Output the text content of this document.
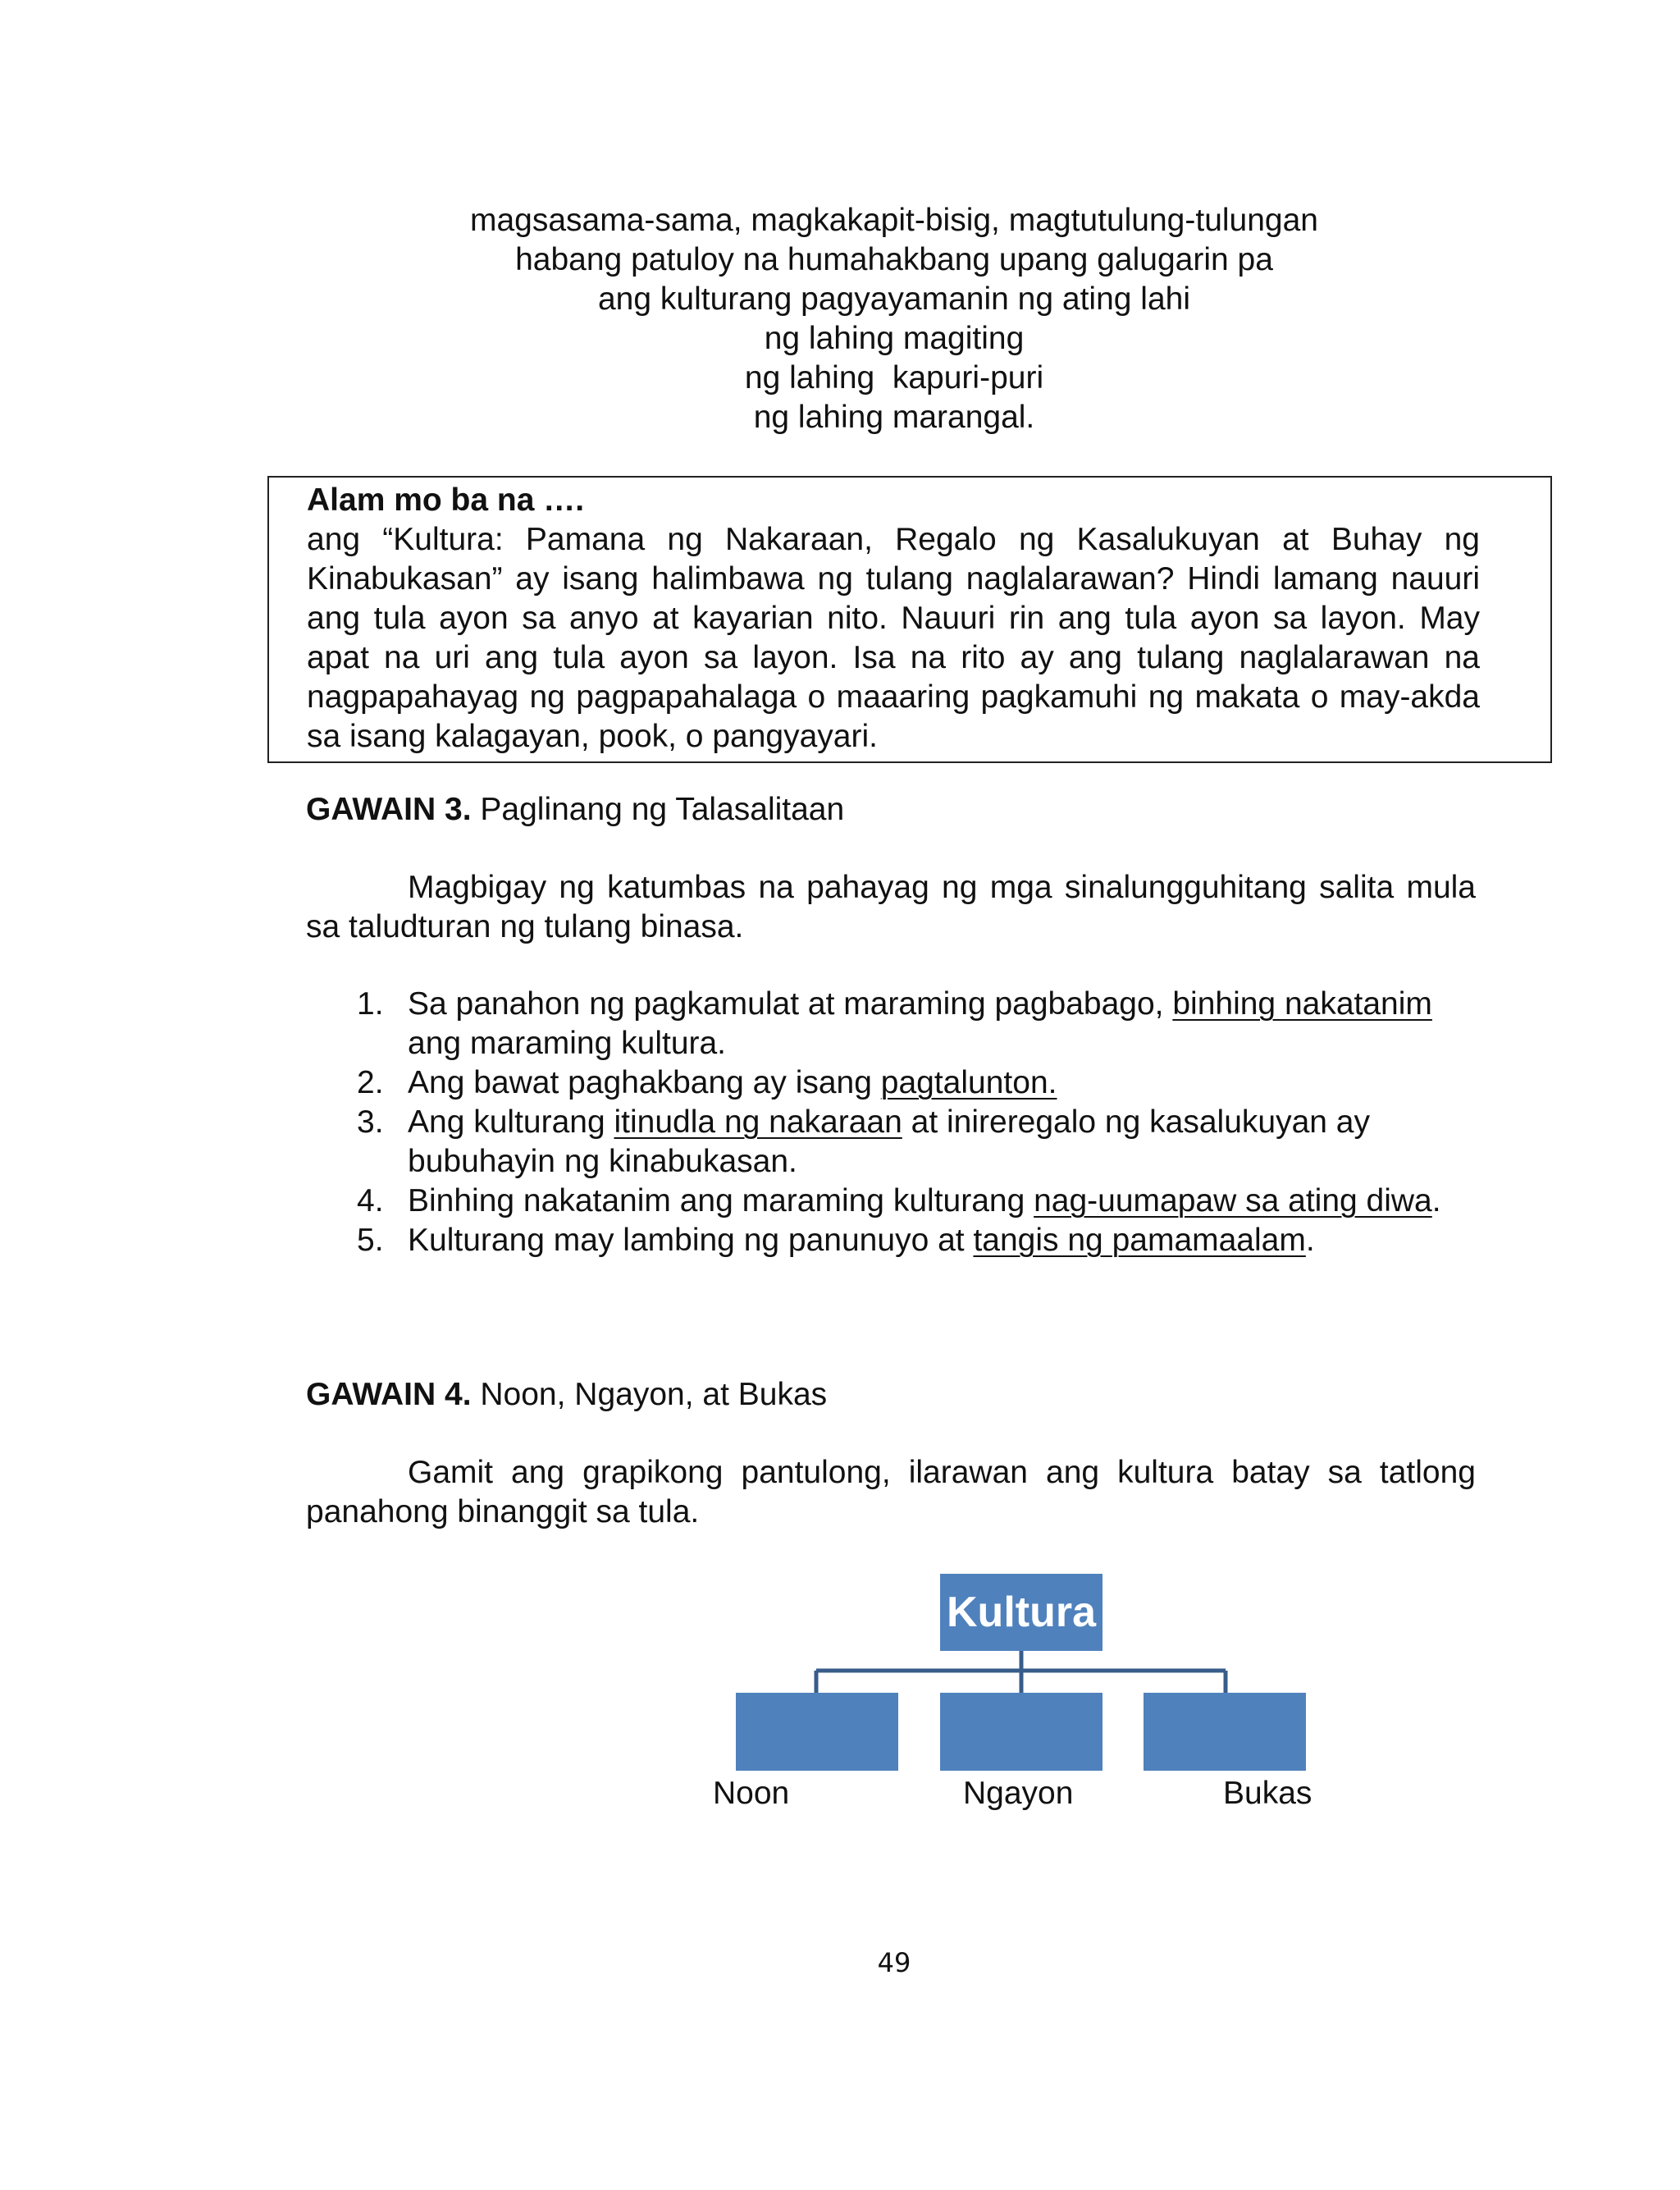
magsasama-sama, magkakapit-bisig, magtutulung-tulungan
habang patuloy na humahakbang upang galugarin pa
ang kulturang pagyayamanin ng ating lahi
ng lahing magiting
ng lahing  kapuri-puri
ng lahing marangal.
Alam mo ba na ….
ang “Kultura: Pamana ng Nakaraan, Regalo ng Kasalukuyan at Buhay ng Kinabukasan” ay isang halimbawa ng tulang naglalarawan? Hindi lamang nauuri ang tula ayon sa anyo at kayarian nito. Nauuri rin ang tula ayon sa layon. May apat na uri ang tula ayon sa layon. Isa na rito ay ang tulang naglalarawan na nagpapahayag ng pagpapahalaga o maaaring pagkamuhi ng makata o may-akda sa isang kalagayan, pook, o pangyayari.
GAWAIN 3. Paglinang ng Talasalitaan
Magbigay ng katumbas na pahayag ng mga sinalungguhitang salita mula sa taludturan ng tulang binasa.
1. Sa panahon ng pagkamulat at maraming pagbabago, binhing nakatanim ang maraming kultura.
2. Ang bawat paghakbang ay isang pagtalunton.
3. Ang kulturang itinudla ng nakaraan at inireregalo ng kasalukuyan ay bubuhayin ng kinabukasan.
4. Binhing nakatanim ang maraming kulturang nag-uumapaw sa ating diwa.
5. Kulturang may lambing ng panunuyo at tangis ng pamamaalam.
GAWAIN 4. Noon, Ngayon, at Bukas
Gamit ang grapikong pantulong, ilarawan ang kultura batay sa tatlong panahong binanggit sa tula.
Kultura
Noon	Ngayon	Bukas
49
